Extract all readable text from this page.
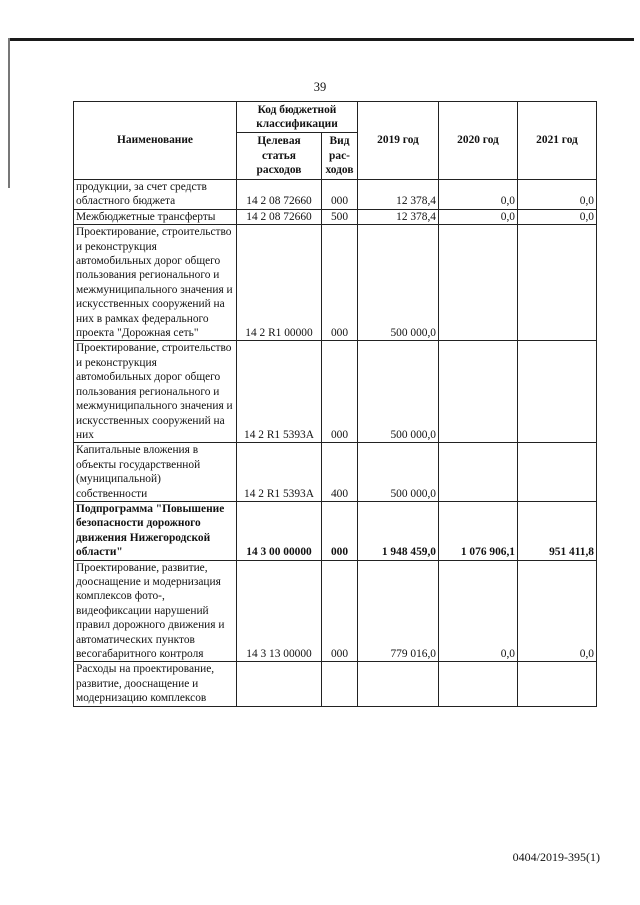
39
Наименование	Код бюджетной классификации		2019 год	2020 год	2021 год
	Целевая статья расходов	Вид рас- ходов			
продукции, за счет средств областного бюджета	14 2 08 72660	000	12 378,4	0,0	0,0
Межбюджетные трансферты	14 2 08 72660	500	12 378,4	0,0	0,0
Проектирование, строительство и реконструкция автомобильных дорог общего пользования регионального и межмуниципального значения и искусственных сооружений на них в рамках федерального проекта "Дорожная сеть"	14 2 R1 00000	000	500 000,0		
Проектирование, строительство и реконструкция автомобильных дорог общего пользования регионального и межмуниципального значения и искусственных сооружений на них	14 2 R1 5393A	000	500 000,0		
Капитальные вложения в объекты государственной (муниципальной) собственности	14 2 R1 5393A	400	500 000,0		
Подпрограмма "Повышение безопасности дорожного движения Нижегородской области"	14 3 00 00000	000	1 948 459,0	1 076 906,1	951 411,8
Проектирование, развитие, дооснащение и модернизация комплексов фото-, видеофиксации нарушений правил дорожного движения и автоматических пунктов весогабаритного контроля	14 3 13 00000	000	779 016,0	0,0	0,0
Расходы на проектирование, развитие, дооснащение и модернизацию комплексов					
0404/2019-395(1)
